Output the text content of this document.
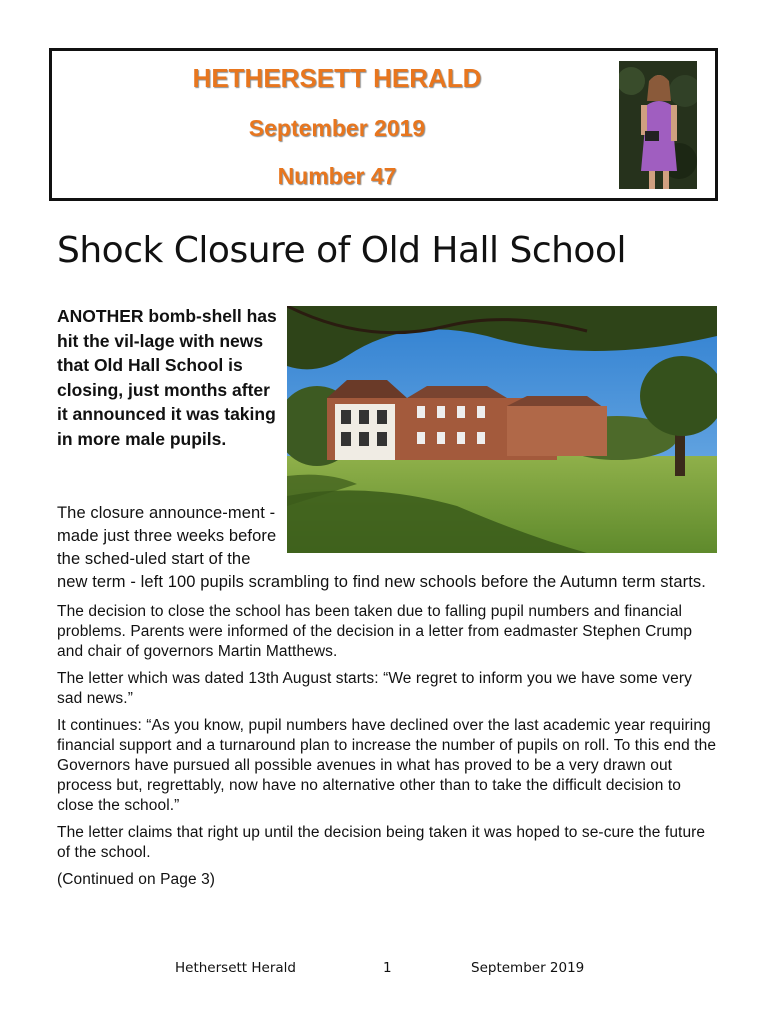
HETHERSETT HERALD
September 2019
Number 47
Shock Closure of Old Hall School

ANOTHER bomb-shell has hit the vil-lage with news that Old Hall School is closing, just months after it announced it was taking in more male pupils.

The closure announce-ment - made just three weeks before the sched-uled start of the new term - left 100 pupils scrambling to find new schools before the Autumn term starts.

The decision to close the school has been taken due to falling pupil numbers and financial problems. Parents were informed of the decision in a letter from eadmaster Stephen Crump and chair of governors Martin Matthews.

The letter which was dated 13th August starts: “We regret to inform you we have some very sad news.”

It continues: “As you know, pupil numbers have declined over the last academic year requiring financial support and a turnaround plan to increase the number of pupils on roll. To this end the Governors have pursued all possible avenues in what has proved to be a very drawn out process but, regrettably, now have no alternative other than to take the difficult decision to close the school.”

The letter claims that right up until the decision being taken it was hoped to se-cure the future of the school.

(Continued on Page 3)

Hethersett Herald	1	September 2019
